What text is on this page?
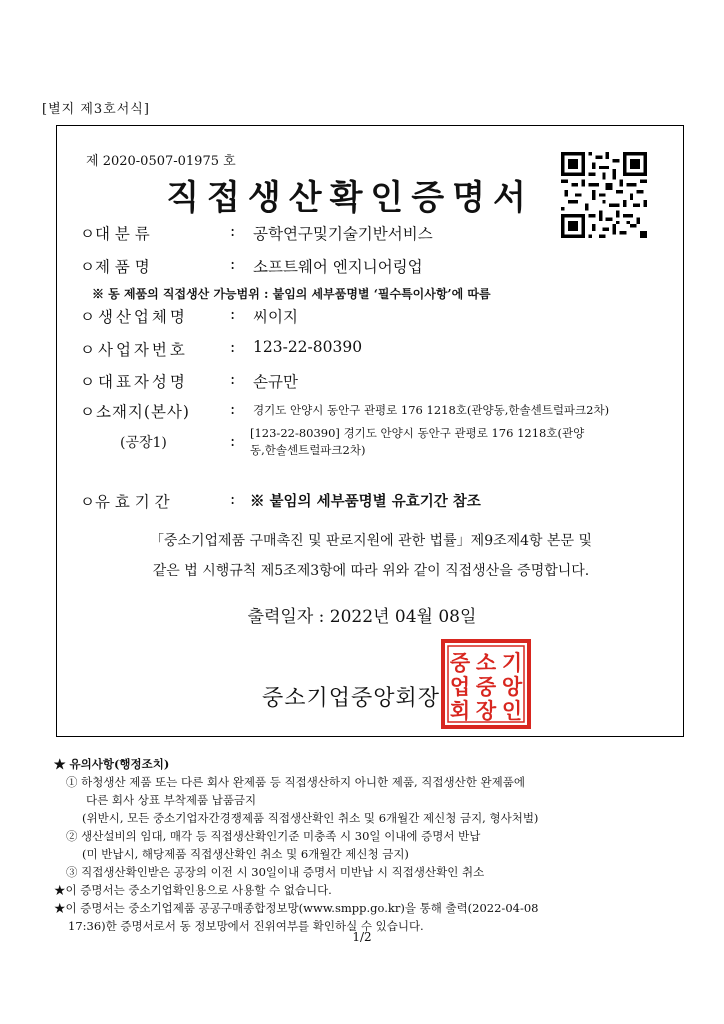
[별지 제3호서식]
제 2020-0507-01975 호
직접생산확인증명서
ㅇ대 분 류	: 공학연구및기술기반서비스
ㅇ제 품 명	: 소프트웨어 엔지니어링업
※ 동 제품의 직접생산 가능범위 : 붙임의 세부품명별 ‘필수특이사항’에 따름
ㅇ생산업체명	: 씨이지
ㅇ사업자번호	: 123-22-80390
ㅇ대표자성명	: 손규만
ㅇ소재지(본사)	: 경기도 안양시 동안구 관평로 176 1218호(관양동,한솔센트럴파크2차)
(공장1)	: [123-22-80390] 경기도 안양시 동안구 관평로 176 1218호(관양
동,한솔센트럴파크2차)
ㅇ유 효 기 간	: ※ 붙임의 세부품명별 유효기간 참조
「중소기업제품 구매촉진 및 판로지원에 관한 법률」제9조제4항 본문 및
같은 법 시행규칙 제5조제3항에 따라 위와 같이 직접생산을 증명합니다.
출력일자 : 2022년 04월 08일
중 소 기
업 중 앙
회 장 인
중소기업중앙회장
★ 유의사항(행정조치)
① 하청생산 제품 또는 다른 회사 완제품 등 직접생산하지 아니한 제품, 직접생산한 완제품에
다른 회사 상표 부착제품 납품금지
(위반시, 모든 중소기업자간경쟁제품 직접생산확인 취소 및 6개월간 제신청 금지, 형사처벌)
② 생산설비의 임대, 매각 등 직접생산확인기준 미충족 시 30일 이내에 증명서 반납
(미 반납시, 해당제품 직접생산확인 취소 및 6개월간 제신청 금지)
③ 직접생산확인받은 공장의 이전 시 30일이내 증명서 미반납 시 직접생산확인 취소
★이 증명서는 중소기업확인용으로 사용할 수 없습니다.
★이 증명서는 중소기업제품 공공구매종합정보망(www.smpp.go.kr)을 통해 출력(2022-04-08
17:36)한 증명서로서 동 정보망에서 진위여부를 확인하실 수 있습니다.
1/2
